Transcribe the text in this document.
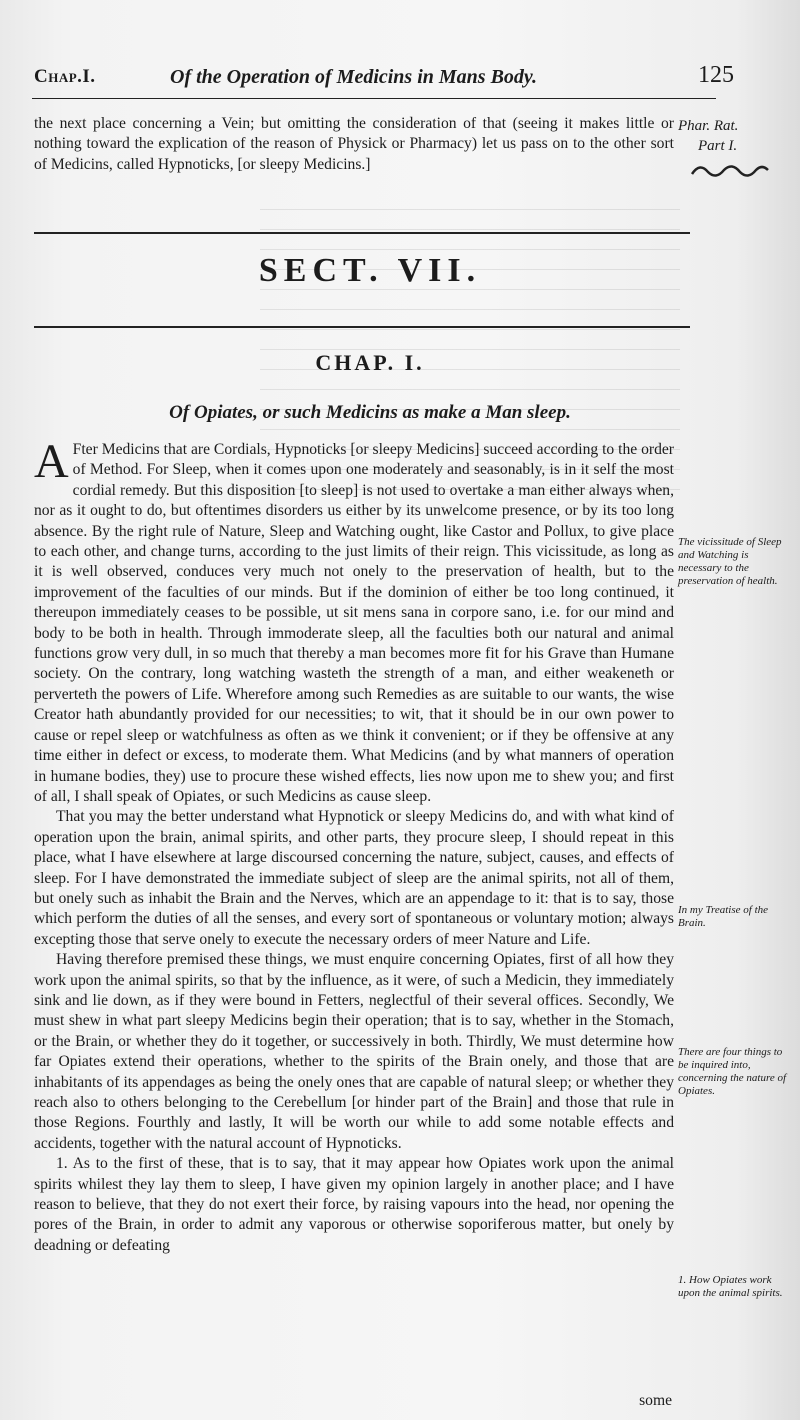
Chap.I.	Of the Operation of Medicins in Mans Body.	125
the next place concerning a Vein; but omitting the consideration of that (seeing it makes little or nothing toward the explication of the reason of Physick or Pharmacy) let us pass on to the other sort of Medicins, called Hypnoticks, [or sleepy Medicins.]
Phar. Rat.
Part I.
SECT. VII.
CHAP. I.
Of Opiates, or such Medicins as make a Man sleep.
A Fter Medicins that are Cordials, Hypnoticks [or sleepy Medicins] succeed according to the order of Method. For Sleep, when it comes upon one moderately and seasonably, is in it self the most cordial remedy. But this disposition [to sleep] is not used to overtake a man either always when, nor as it ought to do, but oftentimes disorders us either by its unwelcome presence, or by its too long absence. By the right rule of Nature, Sleep and Watching ought, like Castor and Pollux, to give place to each other, and change turns, according to the just limits of their reign. This vicissitude, as long as it is well observed, conduces very much not onely to the preservation of health, but to the improvement of the faculties of our minds. But if the dominion of either be too long continued, it thereupon immediately ceases to be possible, ut sit mens sana in corpore sano, i.e. for our mind and body to be both in health. Through immoderate sleep, all the faculties both our natural and animal functions grow very dull, in so much that thereby a man becomes more fit for his Grave than Humane society. On the contrary, long watching wasteth the strength of a man, and either weakeneth or perverteth the powers of Life. Wherefore among such Remedies as are suitable to our wants, the wise Creator hath abundantly provided for our necessities; to wit, that it should be in our own power to cause or repel sleep or watchfulness as often as we think it convenient; or if they be offensive at any time either in defect or excess, to moderate them. What Medicins (and by what manners of operation in humane bodies, they) use to procure these wished effects, lies now upon me to shew you; and first of all, I shall speak of Opiates, or such Medicins as cause sleep.
That you may the better understand what Hypnotick or sleepy Medicins do, and with what kind of operation upon the brain, animal spirits, and other parts, they procure sleep, I should repeat in this place, what I have elsewhere at large discoursed concerning the nature, subject, causes, and effects of sleep. For I have demonstrated the immediate subject of sleep are the animal spirits, not all of them, but onely such as inhabit the Brain and the Nerves, which are an appendage to it: that is to say, those which perform the duties of all the senses, and every sort of spontaneous or voluntary motion; always excepting those that serve onely to execute the necessary orders of meer Nature and Life.
Having therefore premised these things, we must enquire concerning Opiates, first of all how they work upon the animal spirits, so that by the influence, as it were, of such a Medicin, they immediately sink and lie down, as if they were bound in Fetters, neglectful of their several offices. Secondly, We must shew in what part sleepy Medicins begin their operation; that is to say, whether in the Stomach, or the Brain, or whether they do it together, or successively in both. Thirdly, We must determine how far Opiates extend their operations, whether to the spirits of the Brain onely, and those that are inhabitants of its appendages as being the onely ones that are capable of natural sleep; or whether they reach also to others belonging to the Cerebellum [or hinder part of the Brain] and those that rule in those Regions. Fourthly and lastly, It will be worth our while to add some notable effects and accidents, together with the natural account of Hypnoticks.
1. As to the first of these, that is to say, that it may appear how Opiates work upon the animal spirits whilest they lay them to sleep, I have given my opinion largely in another place; and I have reason to believe, that they do not exert their force, by raising vapours into the head, nor opening the pores of the Brain, in order to admit any vaporous or otherwise soporiferous matter, but onely by deadning or defeating
The vicissitude of Sleep and Watching is necessary to the preservation of health.
In my Treatise of the Brain.
There are four things to be inquired into, concerning the nature of Opiates.
1. How Opiates work upon the animal spirits.
some
